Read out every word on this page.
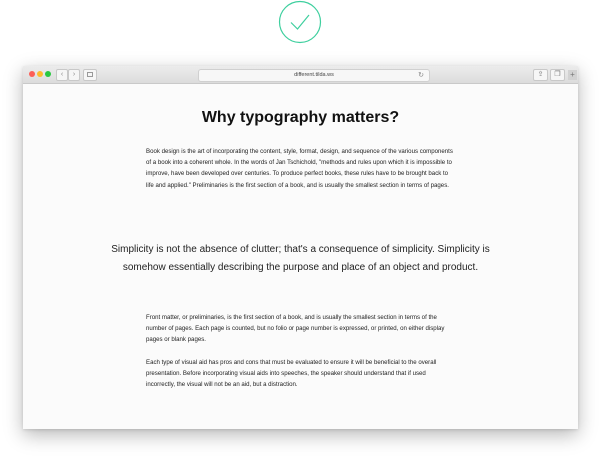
‹	›	different.tilda.ws	↻	⇪	❐	+
Why typography matters?
Book design is the art of incorporating the content, style, format, design, and sequence of the various components of a book into a coherent whole. In the words of Jan Tschichold, "methods and rules upon which it is impossible to improve, have been developed over centuries. To produce perfect books, these rules have to be brought back to life and applied." Preliminaries is the first section of a book, and is usually the smallest section in terms of pages.
Simplicity is not the absence of clutter; that's a consequence of simplicity. Simplicity is somehow essentially describing the purpose and place of an object and product.
Front matter, or preliminaries, is the first section of a book, and is usually the smallest section in terms of the number of pages. Each page is counted, but no folio or page number is expressed, or printed, on either display pages or blank pages.
Each type of visual aid has pros and cons that must be evaluated to ensure it will be beneficial to the overall presentation. Before incorporating visual aids into speeches, the speaker should understand that if used incorrectly, the visual will not be an aid, but a distraction.
